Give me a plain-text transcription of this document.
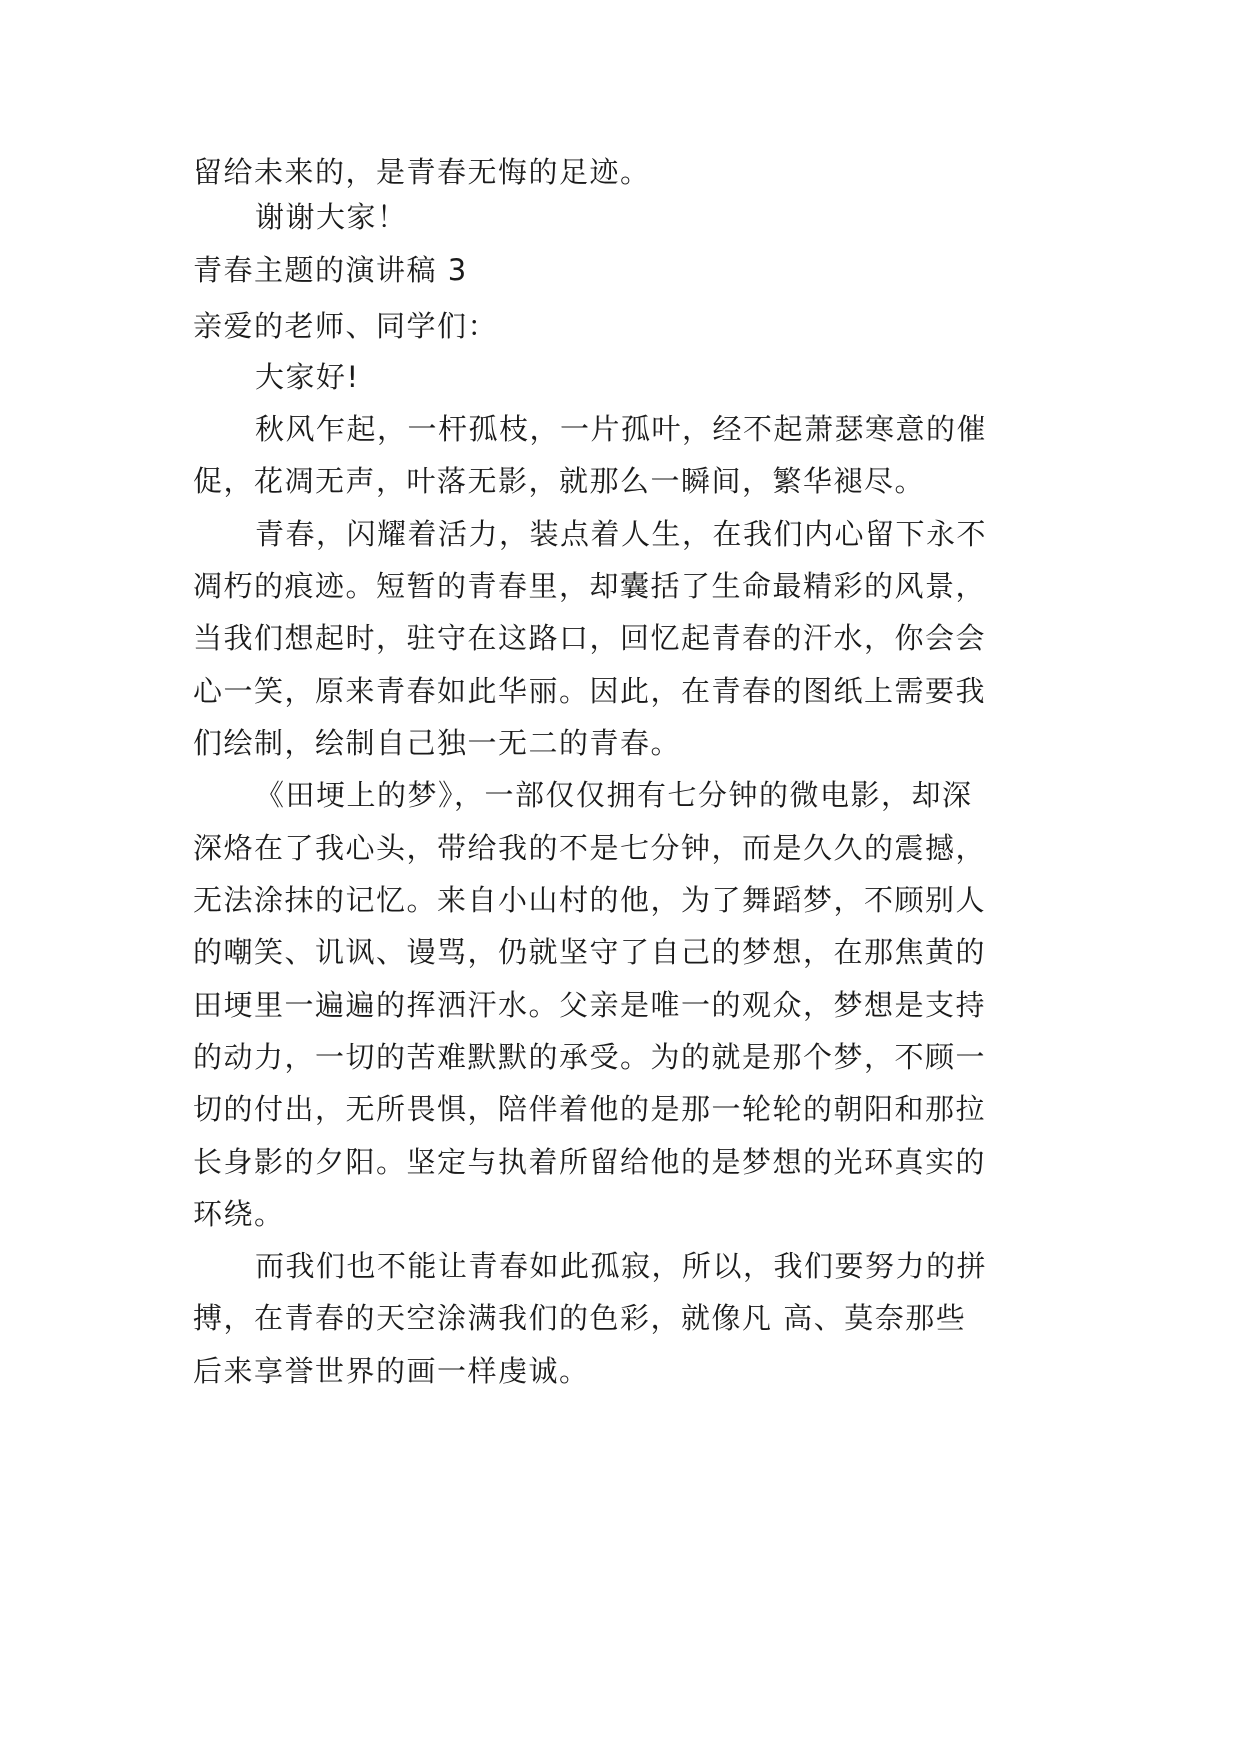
留给未来的，是青春无悔的足迹。
谢谢大家！
青春主题的演讲稿 3
亲爱的老师、同学们：
大家好!
秋风乍起，一杆孤枝，一片孤叶，经不起萧瑟寒意的催
促，花凋无声，叶落无影，就那么一瞬间，繁华褪尽。
青春，闪耀着活力，装点着人生，在我们内心留下永不
凋朽的痕迹。短暂的青春里，却囊括了生命最精彩的风景，
当我们想起时，驻守在这路口，回忆起青春的汗水，你会会
心一笑，原来青春如此华丽。因此，在青春的图纸上需要我
们绘制，绘制自己独一无二的青春。
《田埂上的梦》，一部仅仅拥有七分钟的微电影，却深
深烙在了我心头，带给我的不是七分钟，而是久久的震撼，
无法涂抹的记忆。来自小山村的他，为了舞蹈梦，不顾别人
的嘲笑、讥讽、谩骂，仍就坚守了自己的梦想，在那焦黄的
田埂里一遍遍的挥洒汗水。父亲是唯一的观众，梦想是支持
的动力，一切的苦难默默的承受。为的就是那个梦，不顾一
切的付出，无所畏惧，陪伴着他的是那一轮轮的朝阳和那拉
长身影的夕阳。坚定与执着所留给他的是梦想的光环真实的
环绕。
而我们也不能让青春如此孤寂，所以，我们要努力的拼
搏，在青春的天空涂满我们的色彩，就像凡 高、莫奈那些
后来享誉世界的画一样虔诚。
